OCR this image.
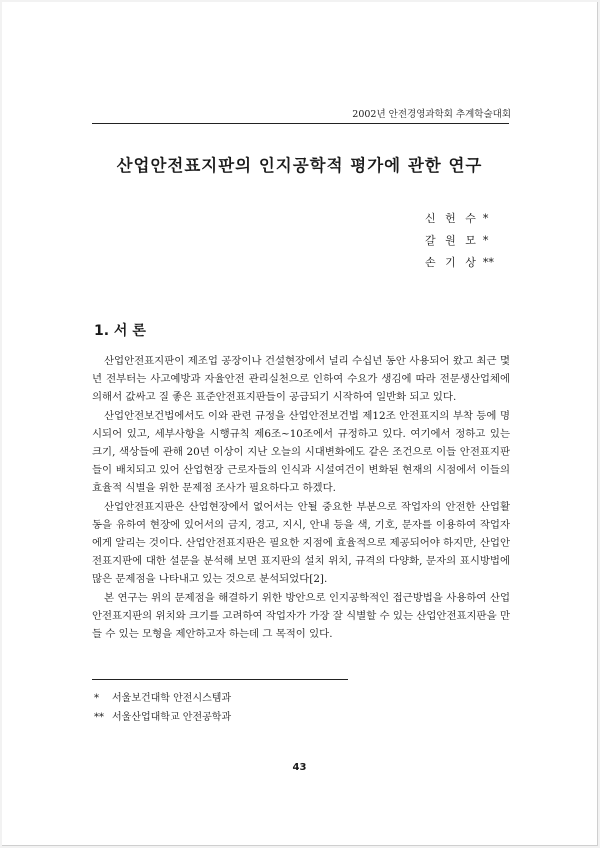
2002년 안전경영과학회 추계학술대회
산업안전표지판의 인지공학적 평가에 관한 연구
신 헌 수 *
갈 원 모 *
손 기 상 **
1. 서 론

산업안전표지판이 제조업 공장이나 건설현장에서 널리 수십년 동안 사용되어 왔고 최근 몇 년 전부터는 사고예방과 자율안전 관리실천으로 인하여 수요가 생김에 따라 전문생산업체에 의해서 값싸고 질 좋은 표준안전표지판들이 공급되기 시작하여 일반화 되고 있다.

산업안전보건법에서도 이와 관련 규정을 산업안전보건법 제12조 안전표지의 부착 등에 명시되어 있고, 세부사항을 시행규칙 제6조~10조에서 규정하고 있다. 여기에서 정하고 있는 크기, 색상들에 관해 20년 이상이 지난 오늘의 시대변화에도 같은 조건으로 이들 안전표지판들이 배치되고 있어 산업현장 근로자들의 인식과 시설여건이 변화된 현재의 시점에서 이들의 효율적 식별을 위한 문제점 조사가 필요하다고 하겠다.

산업안전표지판은 산업현장에서 없어서는 안될 중요한 부분으로 작업자의 안전한 산업활동을 유하여 현장에 있어서의 금지, 경고, 지시, 안내 등을 색, 기호, 문자를 이용하여 작업자에게 알리는 것이다. 산업안전표지판은 필요한 지점에 효율적으로 제공되어야 하지만, 산업안전표지판에 대한 설문을 분석해 보면 표지판의 설치 위치, 규격의 다양화, 문자의 표시방법에 많은 문제점을 나타내고 있는 것으로 분석되었다[2].

본 연구는 위의 문제점을 해결하기 위한 방안으로 인지공학적인 접근방법을 사용하여 산업안전표지판의 위치와 크기를 고려하여 작업자가 가장 잘 식별할 수 있는 산업안전표지판을 만들 수 있는 모형을 제안하고자 하는데 그 목적이 있다.

* 서울보건대학 안전시스템과
** 서울산업대학교 안전공학과
43
